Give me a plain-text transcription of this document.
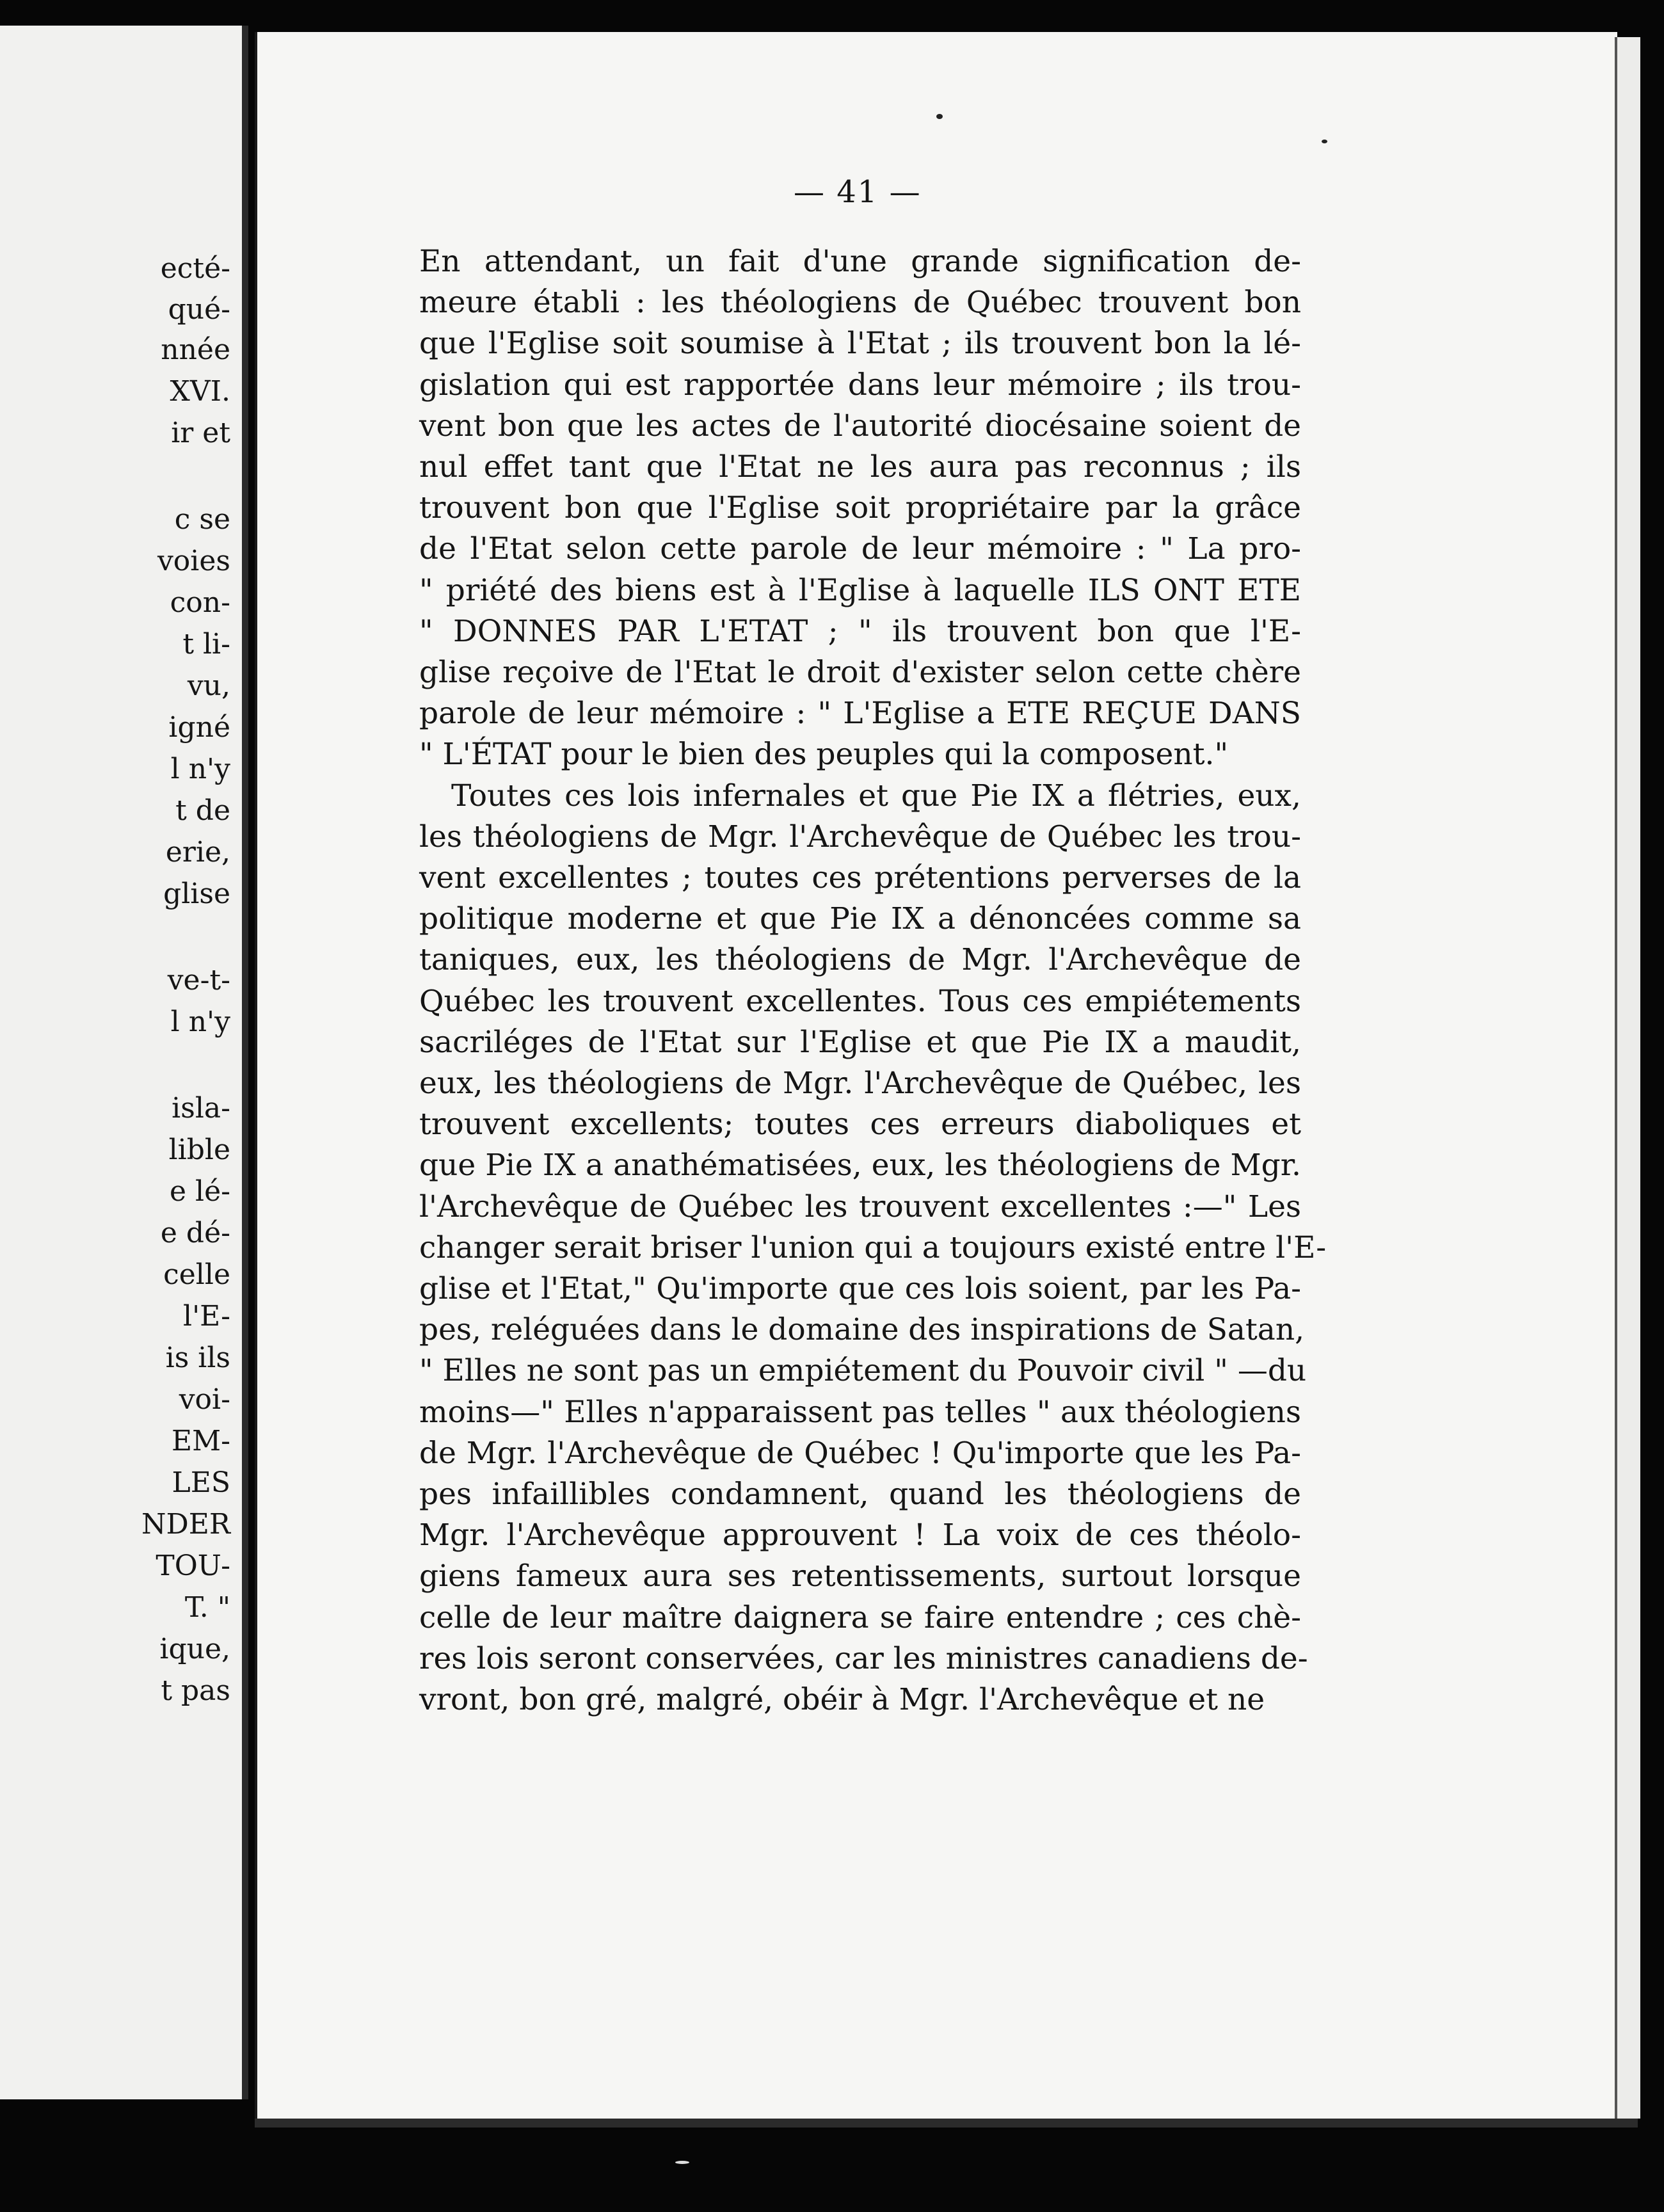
ecté-
qué-
nnée
XVI.
ir et
c se
voies
con-
t li-
vu,
igné
l n'y
t de
erie,
glise
ve-t-
l n'y
isla-
lible
e lé-
e dé-
celle
l'E-
is ils
voi-
EM-
LES
NDER
TOU-
T. "
ique,
t pas
— 41 —
En attendant, un fait d'une grande signification de-
meure établi : les théologiens de Québec trouvent bon
que l'Eglise soit soumise à l'Etat ; ils trouvent bon la lé-
gislation qui est rapportée dans leur mémoire ; ils trou-
vent bon que les actes de l'autorité diocésaine soient de
nul effet tant que l'Etat ne les aura pas reconnus ; ils
trouvent bon que l'Eglise soit propriétaire par la grâce
de l'Etat selon cette parole de leur mémoire : " La pro-
" priété des biens est à l'Eglise à laquelle ILS ONT ETE
" DONNES PAR L'ETAT ; " ils trouvent bon que l'E-
glise reçoive de l'Etat le droit d'exister selon cette chère
parole de leur mémoire : " L'Eglise a ETE REÇUE DANS
" L'ÉTAT pour le bien des peuples qui la composent."
Toutes ces lois infernales et que Pie IX a flétries, eux,
les théologiens de Mgr. l'Archevêque de Québec les trou-
vent excellentes ; toutes ces prétentions perverses de la
politique moderne et que Pie IX a dénoncées comme sa
taniques, eux, les théologiens de Mgr. l'Archevêque de
Québec les trouvent excellentes. Tous ces empiétements
sacriléges de l'Etat sur l'Eglise et que Pie IX a maudit,
eux, les théologiens de Mgr. l'Archevêque de Québec, les
trouvent excellents; toutes ces erreurs diaboliques et
que Pie IX a anathématisées, eux, les théologiens de Mgr.
l'Archevêque de Québec les trouvent excellentes :—" Les
changer serait briser l'union qui a toujours existé entre l'E-
glise et l'Etat," Qu'importe que ces lois soient, par les Pa-
pes, reléguées dans le domaine des inspirations de Satan,
" Elles ne sont pas un empiétement du Pouvoir civil " —du
moins—" Elles n'apparaissent pas telles " aux théologiens
de Mgr. l'Archevêque de Québec ! Qu'importe que les Pa-
pes infaillibles condamnent, quand les théologiens de
Mgr. l'Archevêque approuvent ! La voix de ces théolo-
giens fameux aura ses retentissements, surtout lorsque
celle de leur maître daignera se faire entendre ; ces chè-
res lois seront conservées, car les ministres canadiens de-
vront, bon gré, malgré, obéir à Mgr. l'Archevêque et ne
